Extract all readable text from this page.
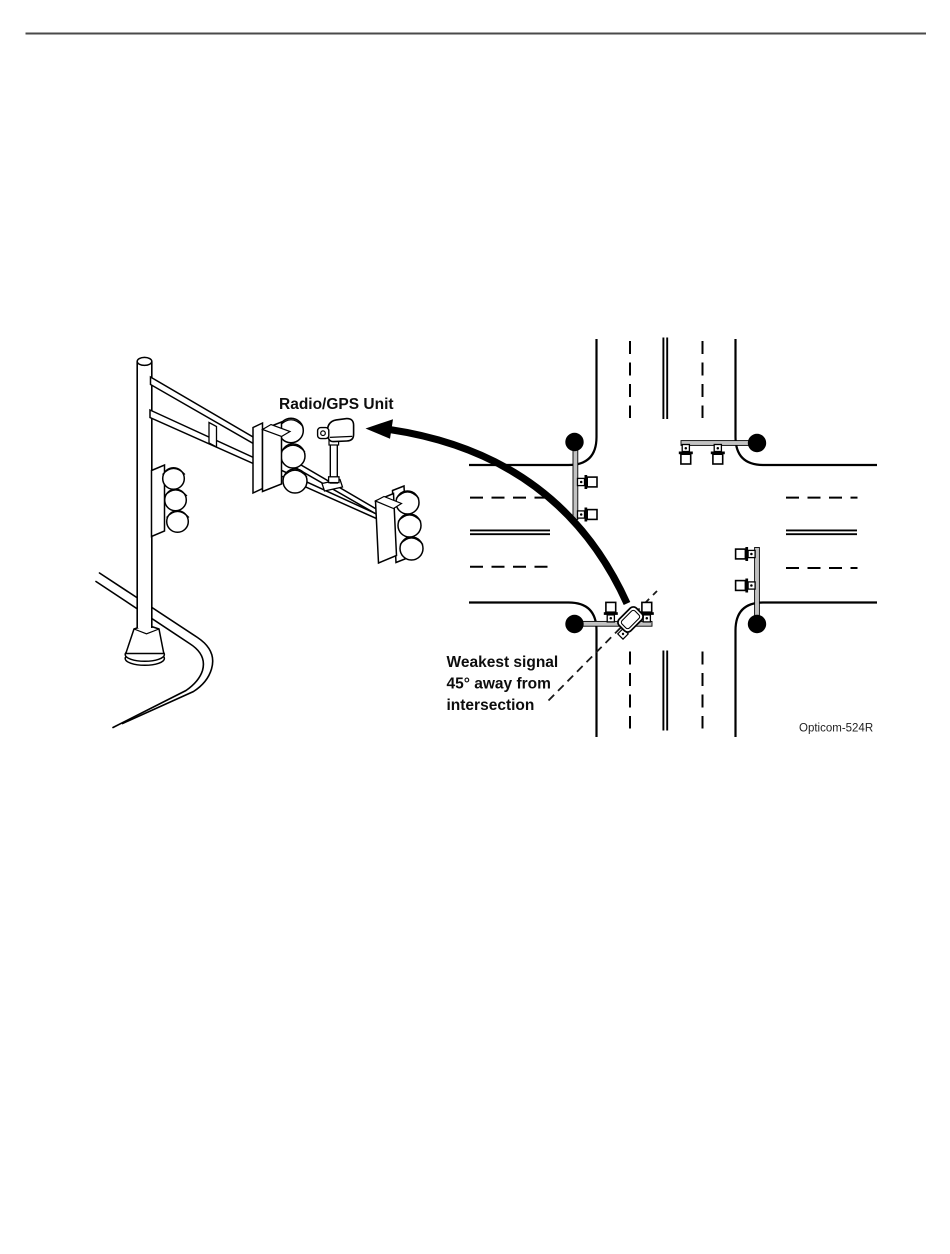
Radio/GPS Unit
Weakest signal
45° away from
intersection
Opticom-524R
